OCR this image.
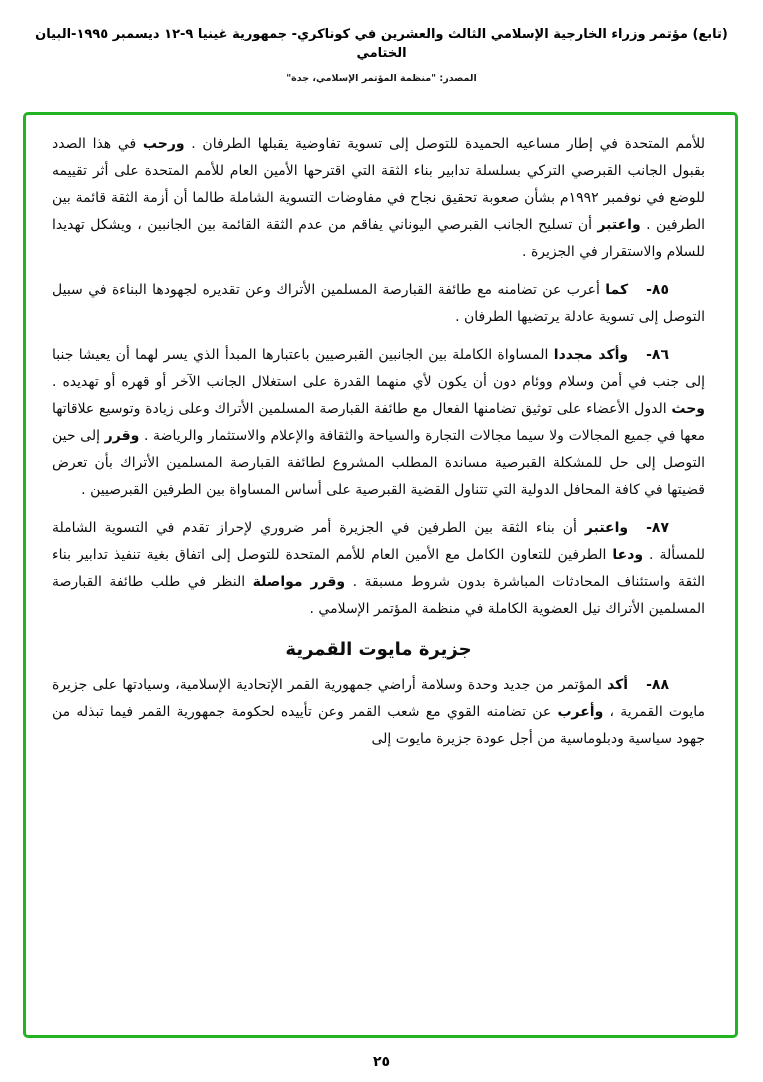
(تابع) مؤتمر وزراء الخارجية الإسلامي الثالث والعشرين في كوناكري- جمهورية غينيا ٩-١٢ ديسمبر ١٩٩٥-البيان الختامي
المصدر: "منظمة المؤتمر الإسلامي، جدة"

للأمم المتحدة في إطار مساعيه الحميدة للتوصل إلى تسوية تفاوضية يقبلها الطرفان . ورحب في هذا الصدد بقبول الجانب القبرصي التركي بسلسلة تدابير بناء الثقة التي اقترحها الأمين العام للأمم المتحدة على أثر تقييمه للوضع في نوفمبر ١٩٩٢م بشأن صعوبة تحقيق نجاح في مفاوضات التسوية الشاملة طالما أن أزمة الثقة قائمة بين الطرفين . واعتبر أن تسليح الجانب القبرصي اليوناني يفاقم من عدم الثقة القائمة بين الجانبين ، ويشكل تهديدا للسلام والاستقرار في الجزيرة .

٨٥-كما أعرب عن تضامنه مع طائفة القبارصة المسلمين الأتراك وعن تقديره لجهودها البناءة في سبيل التوصل إلى تسوية عادلة يرتضيها الطرفان .

٨٦-وأكد مجددا المساواة الكاملة بين الجانبين القبرصيين باعتبارها المبدأ الذي يسر لهما أن يعيشا جنبا إلى جنب في أمن وسلام ووئام دون أن يكون لأي منهما القدرة على استغلال الجانب الآخر أو قهره أو تهديده . وحث الدول الأعضاء على توثيق تضامنها الفعال مع طائفة القبارصة المسلمين الأتراك وعلى زيادة وتوسيع علاقاتها معها في جميع المجالات ولا سيما مجالات التجارة والسياحة والثقافة والإعلام والاستثمار والرياضة . وقرر إلى حين التوصل إلى حل للمشكلة القبرصية مساندة المطلب المشروع لطائفة القبارصة المسلمين الأتراك بأن تعرض قضيتها في كافة المحافل الدولية التي تتناول القضية القبرصية على أساس المساواة بين الطرفين القبرصيين .

٨٧-واعتبر أن بناء الثقة بين الطرفين في الجزيرة أمر ضروري لإحراز تقدم في التسوية الشاملة للمسألة . ودعا الطرفين للتعاون الكامل مع الأمين العام للأمم المتحدة للتوصل إلى اتفاق بغية تنفيذ تدابير بناء الثقة واستئناف المحادثات المباشرة بدون شروط مسبقة . وقرر مواصلة النظر في طلب طائفة القبارصة المسلمين الأتراك نيل العضوية الكاملة في منظمة المؤتمر الإسلامي .

جزيرة مايوت القمرية

٨٨-أكد المؤتمر من جديد وحدة وسلامة أراضي جمهورية القمر الإتحادية الإسلامية، وسيادتها على جزيرة مايوت القمرية ، وأعرب عن تضامنه القوي مع شعب القمر وعن تأييده لحكومة جمهورية القمر فيما تبذله من جهود سياسية ودبلوماسية من أجل عودة جزيرة مايوت إلى

٢٥
